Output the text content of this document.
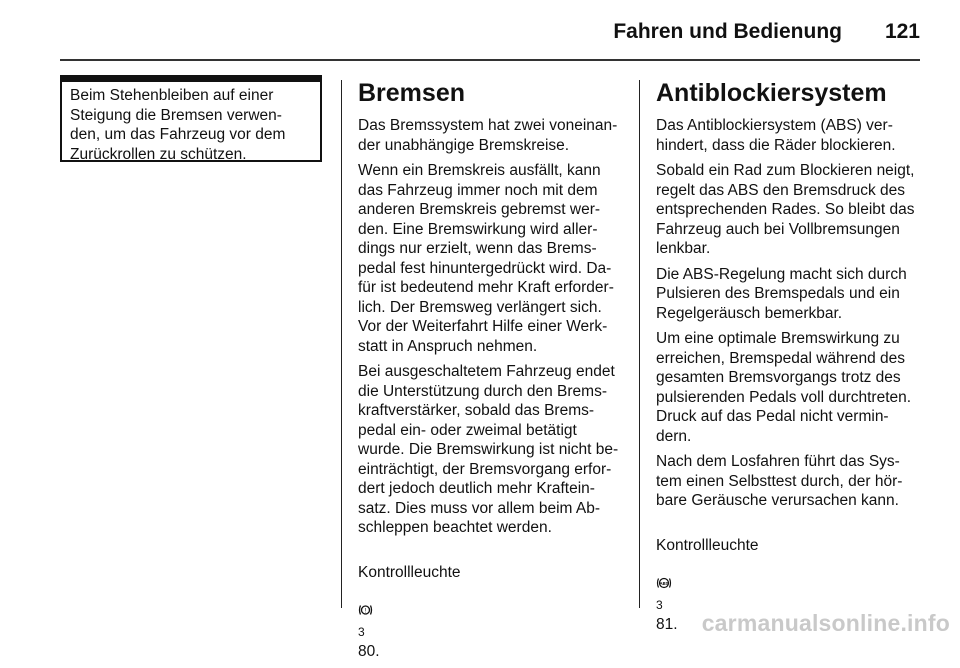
Fahren und Bedienung 121
Beim Stehenbleiben auf einer
Steigung die Bremsen verwen-
den, um das Fahrzeug vor dem
Zurückrollen zu schützen.
Bremsen

Das Bremssystem hat zwei voneinan-
der unabhängige Bremskreise.

Wenn ein Bremskreis ausfällt, kann
das Fahrzeug immer noch mit dem
anderen Bremskreis gebremst wer-
den. Eine Bremswirkung wird aller-
dings nur erzielt, wenn das Brems-
pedal fest hinuntergedrückt wird. Da-
für ist bedeutend mehr Kraft erforder-
lich. Der Bremsweg verlängert sich.
Vor der Weiterfahrt Hilfe einer Werk-
statt in Anspruch nehmen.

Bei ausgeschaltetem Fahrzeug endet
die Unterstützung durch den Brems-
kraftverstärker, sobald das Brems-
pedal ein- oder zweimal betätigt
wurde. Die Bremswirkung ist nicht be-
einträchtigt, der Bremsvorgang erfor-
dert jedoch deutlich mehr Kraftein-
satz. Dies muss vor allem beim Ab-
schleppen beachtet werden.

Kontrollleuchte

!

3
80.

Antiblockiersystem

Das Antiblockiersystem (ABS) ver-
hindert, dass die Räder blockieren.

Sobald ein Rad zum Blockieren neigt,
regelt das ABS den Bremsdruck des
entsprechenden Rades. So bleibt das
Fahrzeug auch bei Vollbremsungen
lenkbar.

Die ABS-Regelung macht sich durch
Pulsieren des Bremspedals und ein
Regelgeräusch bemerkbar.

Um eine optimale Bremswirkung zu
erreichen, Bremspedal während des
gesamten Bremsvorgangs trotz des
pulsierenden Pedals voll durchtreten.
Druck auf das Pedal nicht vermin-
dern.

Nach dem Losfahren führt das Sys-
tem einen Selbsttest durch, der hör-
bare Geräusche verursachen kann.

Kontrollleuchte

ABS

3
81.	carmanualsonline.info
